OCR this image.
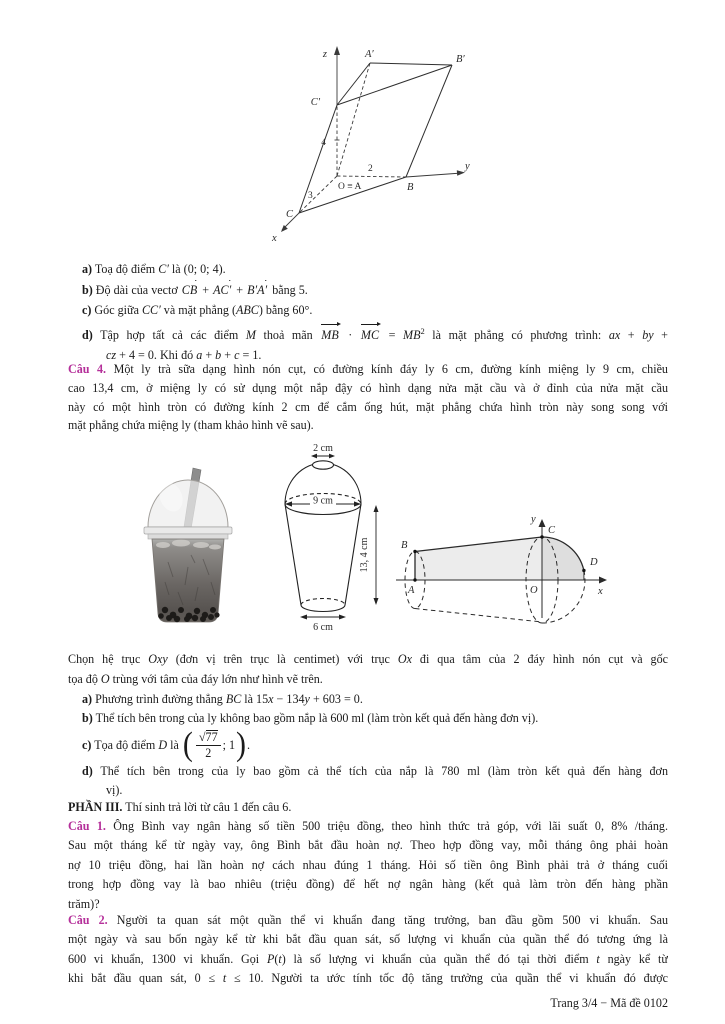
z
y
x
A′	B′
C′
O ≡ A	B
C
2
3
4
a) Toạ độ điểm C′ là (0; 0; 4).
b) Độ dài của vectơ CB
+ AC′
+ B′A′
bằng 5.
c) Góc giữa CC′ và mặt phẳng (ABC) bằng 60°.
d) Tập hợp tất cả các điểm M thoả mãn MB
· MC
= $MB^2$ là mặt phẳng có phương trình: ax + by +
cz + 4 = 0. Khi đó a + b + c = 1.
Câu 4. Một ly trà sữa dạng hình nón cụt, có đường kính đáy ly 6 cm, đường kính miệng ly 9 cm, chiều
cao 13,4 cm, ở miệng ly có sử dụng một nắp đậy có hình dạng nửa mặt cầu và ở đỉnh của nửa mặt cầu
này có một hình tròn có đường kính 2 cm để cắm ống hút, mặt phẳng chứa hình tròn này song song với
mặt phẳng chứa miệng ly (tham khảo hình vẽ sau).
2 cm
9 cm
13, 4 cm
6 cm
B
A
C
D
O	x
y
Chọn hệ trục Oxy (đơn vị trên trục là centimet) với trục Ox đi qua tâm của 2 đáy hình nón cụt và gốc
tọa độ O trùng với tâm của đáy lớn như hình vẽ trên.
a) Phương trình đường thẳng BC là 15x − 134y + 603 = 0.
b) Thể tích bên trong của ly không bao gồm nắp là 600 ml (làm tròn kết quả đến hàng đơn vị).
c) Tọa độ điểm D là ( $\frac{√ 77}{2}$ ; 1).
d) Thể tích bên trong của ly bao gồm cả thể tích của nắp là 780 ml (làm tròn kết quả đến hàng đơn
vị).
PHẦN III. Thí sinh trả lời từ câu 1 đến câu 6.
Câu 1. Ông Bình vay ngân hàng số tiền 500 triệu đồng, theo hình thức trả góp, với lãi suất 0, 8% /tháng.
Sau một tháng kể từ ngày vay, ông Bình bắt đầu hoàn nợ. Theo hợp đồng vay, mỗi tháng ông phải hoàn
nợ 10 triệu đồng, hai lần hoàn nợ cách nhau đúng 1 tháng. Hỏi số tiền ông Bình phải trả ở tháng cuối
trong hợp đồng vay là bao nhiêu (triệu đồng) để hết nợ ngân hàng (kết quả làm tròn đến hàng phần
trăm)?
Câu 2. Người ta quan sát một quần thể vi khuẩn đang tăng trưởng, ban đầu gồm 500 vi khuẩn. Sau
một ngày và sau bốn ngày kể từ khi bắt đầu quan sát, số lượng vi khuẩn của quần thể đó tương ứng là
600 vi khuẩn, 1300 vi khuẩn. Gọi P(t) là số lượng vi khuẩn của quần thể đó tại thời điểm t ngày kể từ
khi bắt đầu quan sát, 0 ≤ t ≤ 10. Người ta ước tính tốc độ tăng trưởng của quần thể vi khuẩn đó được
Trang 3/4 − Mã đề 0102
